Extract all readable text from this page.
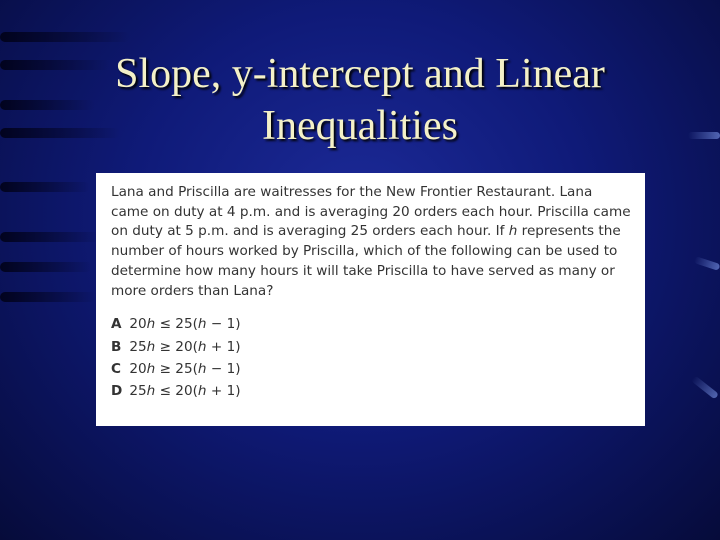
Slope, y-intercept and Linear
Inequalities

Lana and Priscilla are waitresses for the New Frontier Restaurant. Lana came on duty at 4 p.m. and is averaging 20 orders each hour. Priscilla came on duty at 5 p.m. and is averaging 25 orders each hour. If h represents the number of hours worked by Priscilla, which of the following can be used to determine how many hours it will take Priscilla to have served as many or more orders than Lana?

A 20h ≤ 25(h − 1)
B 25h ≥ 20(h + 1)
C 20h ≥ 25(h − 1)
D 25h ≤ 20(h + 1)
